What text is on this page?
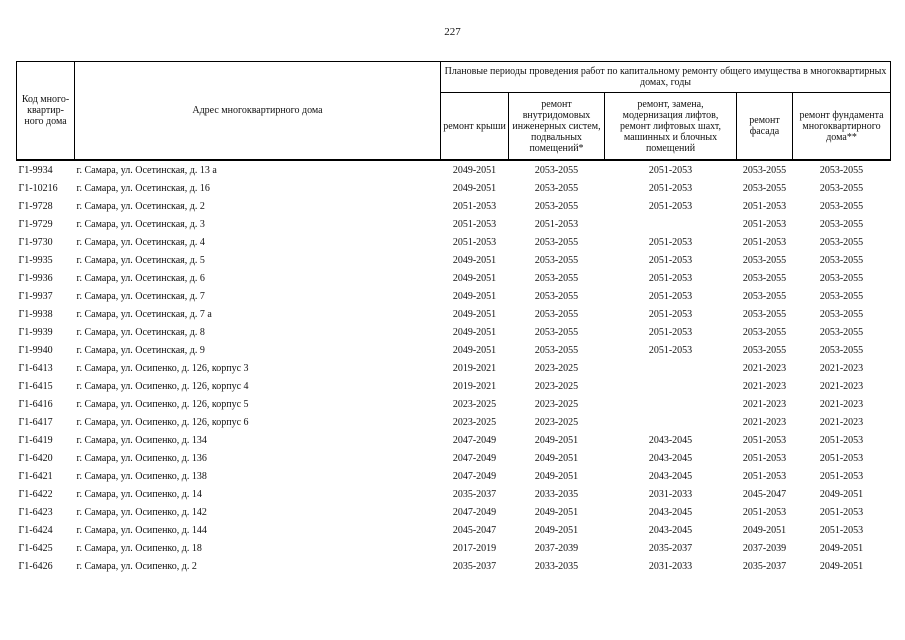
227
Код много-квартир-ного дома	Адрес многоквартирного дома	Плановые периоды проведения работ по капитальному ремонту общего имущества в многоквартирных домах, годы				
		ремонт крыши	ремонт внутридомовых инженерных систем, подвальных помещений*	ремонт, замена, модернизация лифтов, ремонт лифтовых шахт, машинных и блочных помещений	ремонт фасада	ремонт фундамента многоквартирного дома**
Г1-9934	г. Самара, ул. Осетинская, д. 13 а	2049-2051	2053-2055	2051-2053	2053-2055	2053-2055
Г1-10216	г. Самара, ул. Осетинская, д. 16	2049-2051	2053-2055	2051-2053	2053-2055	2053-2055
Г1-9728	г. Самара, ул. Осетинская, д. 2	2051-2053	2053-2055	2051-2053	2051-2053	2053-2055
Г1-9729	г. Самара, ул. Осетинская, д. 3	2051-2053	2051-2053		2051-2053	2053-2055
Г1-9730	г. Самара, ул. Осетинская, д. 4	2051-2053	2053-2055	2051-2053	2051-2053	2053-2055
Г1-9935	г. Самара, ул. Осетинская, д. 5	2049-2051	2053-2055	2051-2053	2053-2055	2053-2055
Г1-9936	г. Самара, ул. Осетинская, д. 6	2049-2051	2053-2055	2051-2053	2053-2055	2053-2055
Г1-9937	г. Самара, ул. Осетинская, д. 7	2049-2051	2053-2055	2051-2053	2053-2055	2053-2055
Г1-9938	г. Самара, ул. Осетинская, д. 7 а	2049-2051	2053-2055	2051-2053	2053-2055	2053-2055
Г1-9939	г. Самара, ул. Осетинская, д. 8	2049-2051	2053-2055	2051-2053	2053-2055	2053-2055
Г1-9940	г. Самара, ул. Осетинская, д. 9	2049-2051	2053-2055	2051-2053	2053-2055	2053-2055
Г1-6413	г. Самара, ул. Осипенко, д. 126, корпус 3	2019-2021	2023-2025		2021-2023	2021-2023
Г1-6415	г. Самара, ул. Осипенко, д. 126, корпус 4	2019-2021	2023-2025		2021-2023	2021-2023
Г1-6416	г. Самара, ул. Осипенко, д. 126, корпус 5	2023-2025	2023-2025		2021-2023	2021-2023
Г1-6417	г. Самара, ул. Осипенко, д. 126, корпус 6	2023-2025	2023-2025		2021-2023	2021-2023
Г1-6419	г. Самара, ул. Осипенко, д. 134	2047-2049	2049-2051	2043-2045	2051-2053	2051-2053
Г1-6420	г. Самара, ул. Осипенко, д. 136	2047-2049	2049-2051	2043-2045	2051-2053	2051-2053
Г1-6421	г. Самара, ул. Осипенко, д. 138	2047-2049	2049-2051	2043-2045	2051-2053	2051-2053
Г1-6422	г. Самара, ул. Осипенко, д. 14	2035-2037	2033-2035	2031-2033	2045-2047	2049-2051
Г1-6423	г. Самара, ул. Осипенко, д. 142	2047-2049	2049-2051	2043-2045	2051-2053	2051-2053
Г1-6424	г. Самара, ул. Осипенко, д. 144	2045-2047	2049-2051	2043-2045	2049-2051	2051-2053
Г1-6425	г. Самара, ул. Осипенко, д. 18	2017-2019	2037-2039	2035-2037	2037-2039	2049-2051
Г1-6426	г. Самара, ул. Осипенко, д. 2	2035-2037	2033-2035	2031-2033	2035-2037	2049-2051
